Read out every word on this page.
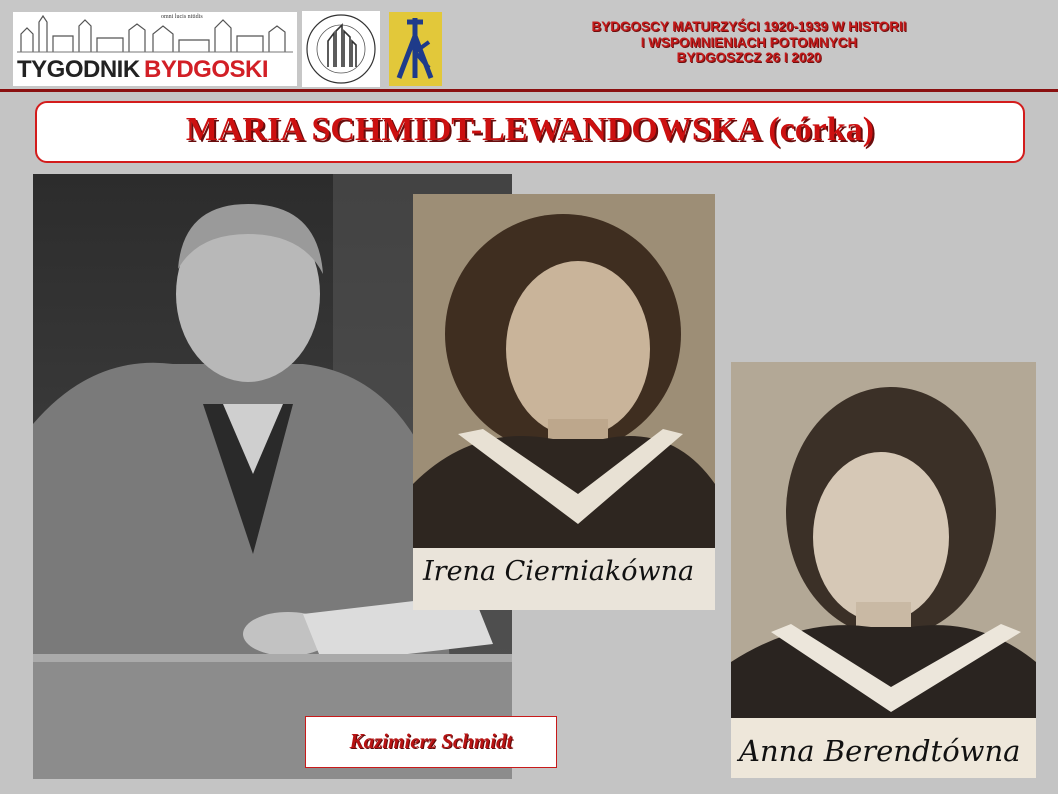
omni lucis nitidis
TYGODNIK BYDGOSKI
BYDGOSCY MATURZYŚCI 1920-1939 W HISTORII
I WSPOMNIENIACH POTOMNYCH
BYDGOSZCZ 26 I 2020
MARIA SCHMIDT-LEWANDOWSKA (córka)
Irena Cierniakówna
Anna Berendtówna
Kazimierz Schmidt
